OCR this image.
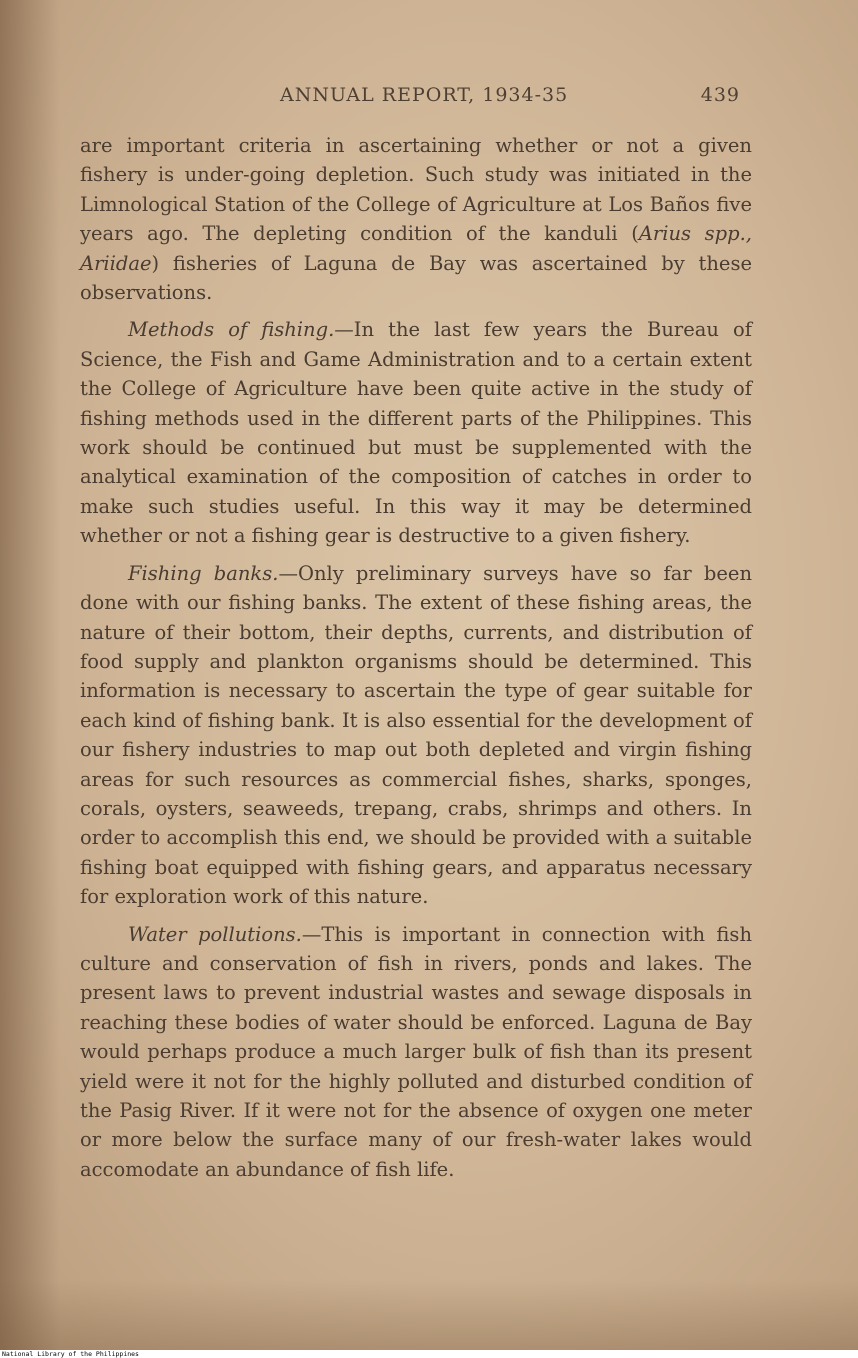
ANNUAL REPORT, 1934-35	439

are important criteria in ascertaining whether or not a given fishery is under-going depletion. Such study was initiated in the Limnological Station of the College of Agriculture at Los Baños five years ago. The depleting condition of the kanduli (Arius spp., Ariidae) fisheries of Laguna de Bay was ascertained by these observations.

Methods of fishing.—In the last few years the Bureau of Science, the Fish and Game Administration and to a certain extent the College of Agriculture have been quite active in the study of fishing methods used in the different parts of the Philippines. This work should be continued but must be supplemented with the analytical examination of the composition of catches in order to make such studies useful. In this way it may be determined whether or not a fishing gear is destructive to a given fishery.

Fishing banks.—Only preliminary surveys have so far been done with our fishing banks. The extent of these fishing areas, the nature of their bottom, their depths, currents, and distribution of food supply and plankton organisms should be determined. This information is necessary to ascertain the type of gear suitable for each kind of fishing bank. It is also essential for the development of our fishery industries to map out both depleted and virgin fishing areas for such resources as commercial fishes, sharks, sponges, corals, oysters, seaweeds, trepang, crabs, shrimps and others. In order to accomplish this end, we should be provided with a suitable fishing boat equipped with fishing gears, and apparatus necessary for exploration work of this nature.

Water pollutions.—This is important in connection with fish culture and conservation of fish in rivers, ponds and lakes. The present laws to prevent industrial wastes and sewage disposals in reaching these bodies of water should be enforced. Laguna de Bay would perhaps produce a much larger bulk of fish than its present yield were it not for the highly polluted and disturbed condition of the Pasig River. If it were not for the absence of oxygen one meter or more below the surface many of our fresh-water lakes would accomodate an abundance of fish life.

National Library of the Philippines
